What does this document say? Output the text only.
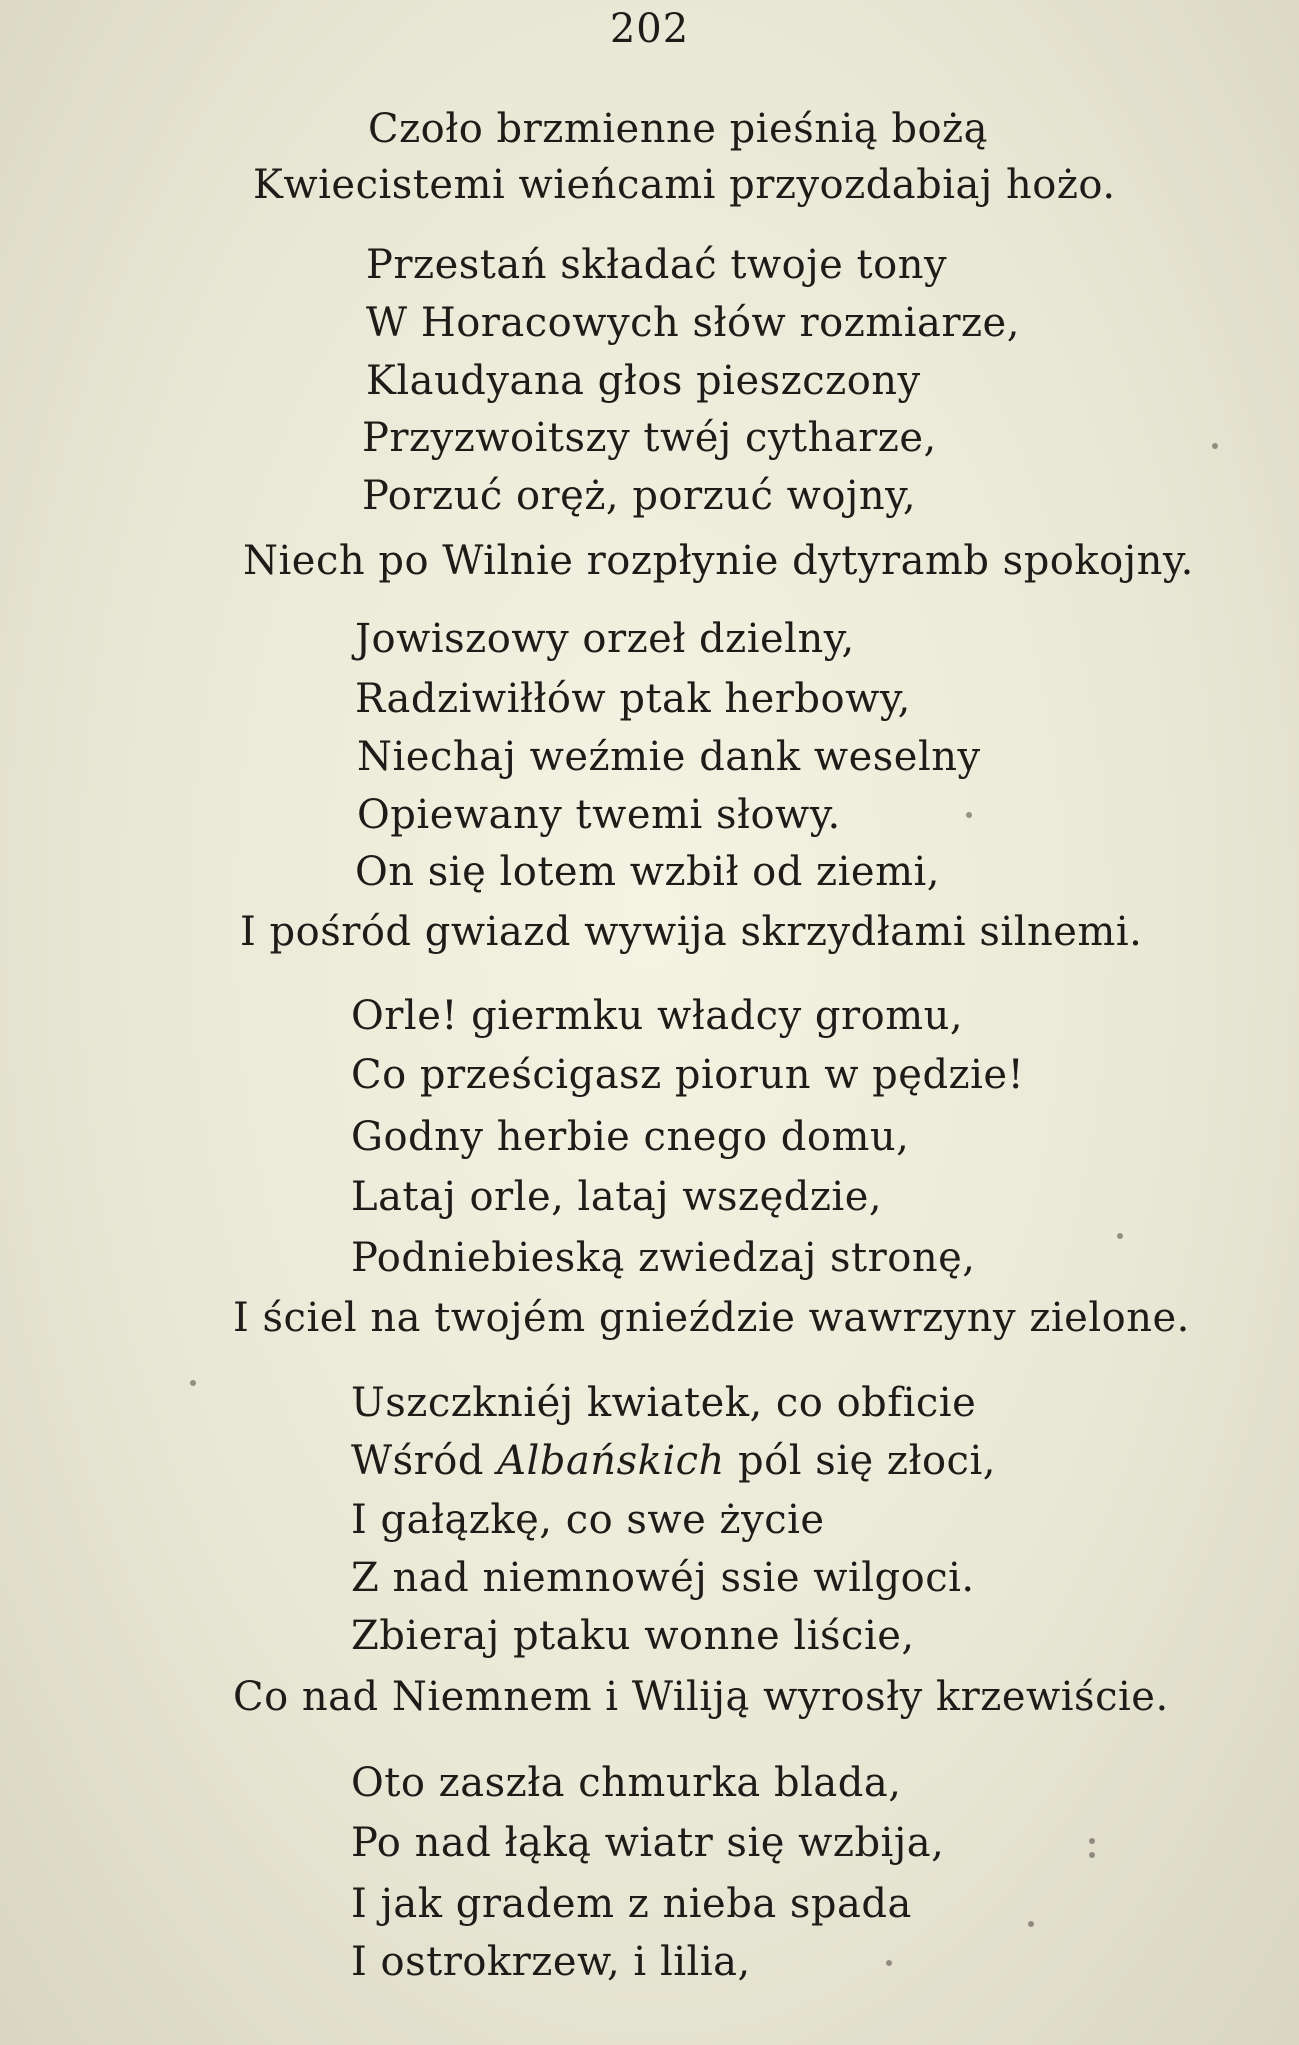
202
Czoło brzmienne pieśnią bożą
Kwiecistemi wieńcami przyozdabiaj hożo.
Przestań składać twoje tony
W Horacowych słów rozmiarze,
Klaudyana głos pieszczony
Przyzwoitszy twéj cytharze,
Porzuć oręż, porzuć wojny,
Niech po Wilnie rozpłynie dytyramb spokojny.
Jowiszowy orzeł dzielny,
Radziwiłłów ptak herbowy,
Niechaj weźmie dank weselny
Opiewany twemi słowy.
On się lotem wzbił od ziemi,
I pośród gwiazd wywija skrzydłami silnemi.
Orle! giermku władcy gromu,
Co prześcigasz piorun w pędzie!
Godny herbie cnego domu,
Lataj orle, lataj wszędzie,
Podniebieską zwiedzaj stronę,
I ściel na twojém gnieździe wawrzyny zielone.
Uszczkniéj kwiatek, co obficie
Wśród Albańskich pól się złoci,
I gałązkę, co swe życie
Z nad niemnowéj ssie wilgoci.
Zbieraj ptaku wonne liście,
Co nad Niemnem i Wiliją wyrosły krzewiście.
Oto zaszła chmurka blada,
Po nad łąką wiatr się wzbija,
I jak gradem z nieba spada
I ostrokrzew, i lilia,
